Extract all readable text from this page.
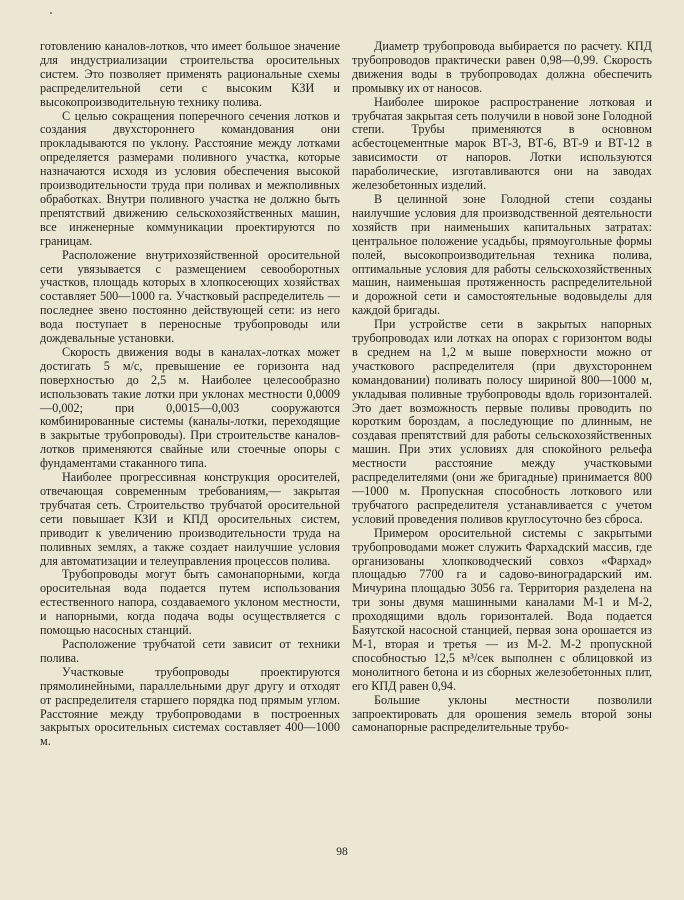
готовлению каналов-лотков, что имеет большое значение для индустриализации строительства оросительных систем. Это позволяет применять рациональные схемы распределительной сети с высоким КЗИ и высокопроизводительную технику полива.

С целью сокращения поперечного сечения лотков и создания двухстороннего командования они прокладываются по уклону. Расстояние между лотками определяется размерами поливного участка, которые назначаются исходя из условия обеспечения высокой производительности труда при поливах и межполивных обработках. Внутри поливного участка не должно быть препятствий движению сельскохозяйственных машин, все инженерные коммуникации проектируются по границам.

Расположение внутрихозяйственной оросительной сети увязывается с размещением севооборотных участков, площадь которых в хлопкосеющих хозяйствах составляет 500—1000 га. Участковый распределитель — последнее звено постоянно действующей сети: из него вода поступает в переносные трубопроводы или дождевальные установки.

Скорость движения воды в каналах-лотках может достигать 5 м/с, превышение ее горизонта над поверхностью до 2,5 м. Наиболее целесообразно использовать такие лотки при уклонах местности 0,0009—0,002; при 0,0015—0,003 сооружаются комбинированные системы (каналы-лотки, переходящие в закрытые трубопроводы). При строительстве каналов-лотков применяются свайные или стоечные опоры с фундаментами стаканного типа.

Наиболее прогрессивная конструкция оросителей, отвечающая современным требованиям,— закрытая трубчатая сеть. Строительство трубчатой оросительной сети повышает КЗИ и КПД оросительных систем, приводит к увеличению производительности труда на поливных землях, а также создает наилучшие условия для автоматизации и телеуправления процессов полива.

Трубопроводы могут быть самонапорными, когда оросительная вода подается путем использования естественного напора, создаваемого уклоном местности, и напорными, когда подача воды осуществляется с помощью насосных станций.

Расположение трубчатой сети зависит от техники полива.

Участковые трубопроводы проектируются прямолинейными, параллельными друг другу и отходят от распределителя старшего порядка под прямым углом. Расстояние между трубопроводами в построенных закрытых оросительных системах составляет 400—1000 м.

Диаметр трубопровода выбирается по расчету. КПД трубопроводов практически равен 0,98—0,99. Скорость движения воды в трубопроводах должна обеспечить промывку их от наносов.

Наиболее широкое распространение лотковая и трубчатая закрытая сеть получили в новой зоне Голодной степи. Трубы применяются в основном асбестоцементные марок ВТ-3, ВТ-6, ВТ-9 и ВТ-12 в зависимости от напоров. Лотки используются параболические, изготавливаются они на заводах железобетонных изделий.

В целинной зоне Голодной степи созданы наилучшие условия для производственной деятельности хозяйств при наименьших капитальных затратах: центральное положение усадьбы, прямоугольные формы полей, высокопроизводительная техника полива, оптимальные условия для работы сельскохозяйственных машин, наименьшая протяженность распределительной и дорожной сети и самостоятельные водовыделы для каждой бригады.

При устройстве сети в закрытых напорных трубопроводах или лотках на опорах с горизонтом воды в среднем на 1,2 м выше поверхности можно от участкового распределителя (при двухстороннем командовании) поливать полосу шириной 800—1000 м, укладывая поливные трубопроводы вдоль горизонталей. Это дает возможность первые поливы проводить по коротким бороздам, а последующие по длинным, не создавая препятствий для работы сельскохозяйственных машин. При этих условиях для спокойного рельефа местности расстояние между участковыми распределителями (они же бригадные) принимается 800—1000 м. Пропускная способность лоткового или трубчатого распределителя устанавливается с учетом условий проведения поливов круглосуточно без сброса.

Примером оросительной системы с закрытыми трубопроводами может служить Фархадский массив, где организованы хлопководческий совхоз «Фархад» площадью 7700 га и садово-виноградарский им. Мичурина площадью 3056 га. Территория разделена на три зоны двумя машинными каналами М-1 и М-2, проходящими вдоль горизонталей. Вода подается Баяутской насосной станцией, первая зона орошается из М-1, вторая и третья — из М-2. М-2 пропускной способностью 12,5 м³/сек выполнен с облицовкой из монолитного бетона и из сборных железобетонных плит, его КПД равен 0,94.

Большие уклоны местности позволили запроектировать для орошения земель второй зоны самонапорные распределительные трубо-

98
